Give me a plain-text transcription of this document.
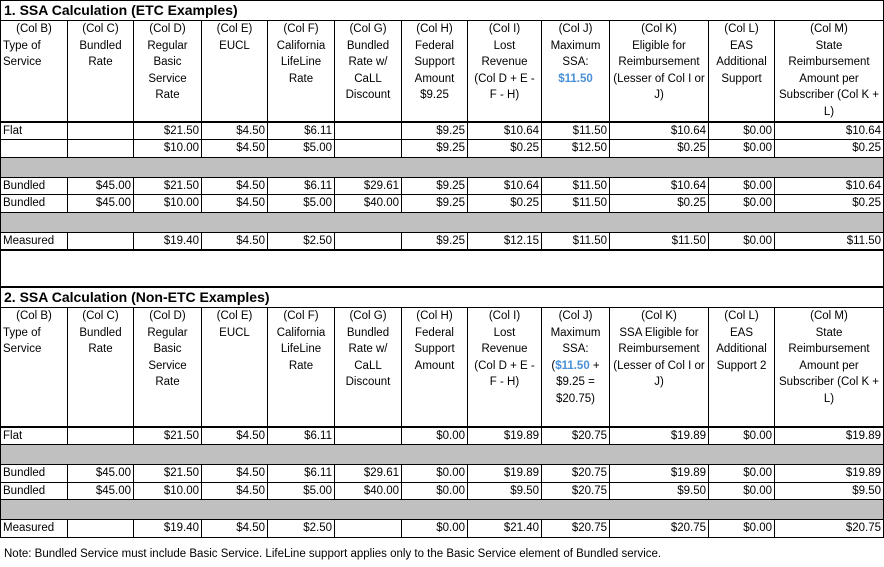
1. SSA Calculation (ETC Examples)											
(Col B)	(Col C)	(Col D)	(Col E)	(Col F)	(Col G)	(Col H)	(Col I)	(Col J)	(Col K)	(Col L)	(Col M)
Type of Service	Bundled Rate	Regular Basic Service Rate	EUCL	California LifeLine Rate	Bundled Rate w/ CaLL Discount	Federal Support Amount $9.25	Lost Revenue (Col D + E - F - H)	Maximum SSA: $11.50	Eligible for Reimbursement (Lesser of Col I or J)	EAS Additional Support	State Reimbursement Amount per Subscriber (Col K + L)
Flat		$21.50	$4.50	$6.11		$9.25	$10.64	$11.50	$10.64	$0.00	$10.64
		$10.00	$4.50	$5.00		$9.25	$0.25	$12.50	$0.25	$0.00	$0.25

Bundled	$45.00	$21.50	$4.50	$6.11	$29.61	$9.25	$10.64	$11.50	$10.64	$0.00	$10.64
Bundled	$45.00	$10.00	$4.50	$5.00	$40.00	$9.25	$0.25	$11.50	$0.25	$0.00	$0.25

Measured		$19.40	$4.50	$2.50		$9.25	$12.15	$11.50	$11.50	$0.00	$11.50

2. SSA Calculation (Non-ETC Examples)											
(Col B)	(Col C)	(Col D)	(Col E)	(Col F)	(Col G)	(Col H)	(Col I)	(Col J)	(Col K)	(Col L)	(Col M)
Type of Service	Bundled Rate	Regular Basic Service Rate	EUCL	California LifeLine Rate	Bundled Rate w/ CaLL Discount	Federal Support Amount	Lost Revenue (Col D + E - F - H)	Maximum SSA: ($11.50 + $9.25 = $20.75)	SSA Eligible for Reimbursement (Lesser of Col I or J)	EAS Additional Support 2	State Reimbursement Amount per Subscriber (Col K + L)
Flat		$21.50	$4.50	$6.11		$0.00	$19.89	$20.75	$19.89	$0.00	$19.89

Bundled	$45.00	$21.50	$4.50	$6.11	$29.61	$0.00	$19.89	$20.75	$19.89	$0.00	$19.89
Bundled	$45.00	$10.00	$4.50	$5.00	$40.00	$0.00	$9.50	$20.75	$9.50	$0.00	$9.50

Measured		$19.40	$4.50	$2.50		$0.00	$21.40	$20.75	$20.75	$0.00	$20.75
Note: Bundled Service must include Basic Service. LifeLine support applies only to the Basic Service element of Bundled service.
